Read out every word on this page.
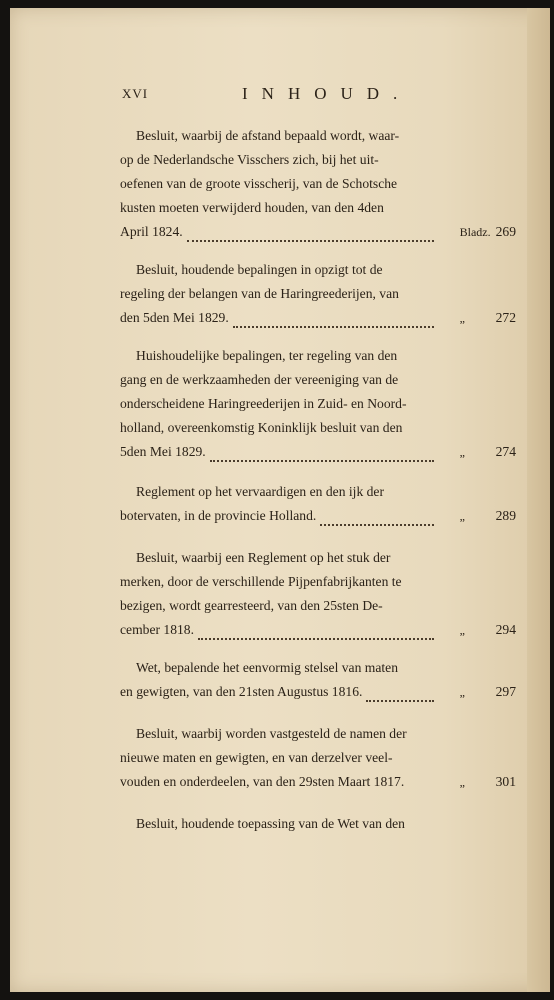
XVI	INHOUD.
Besluit, waarbij de afstand bepaald wordt, waar-
op de Nederlandsche Visschers zich, bij het uit-
oefenen van de groote visscherij, van de Schotsche
kusten moeten verwijderd houden, van den 4den
April 1824.	Bladz. 269
Besluit, houdende bepalingen in opzigt tot de
regeling der belangen van de Haringreederijen, van
den 5den Mei 1829.	„ 272
Huishoudelijke bepalingen, ter regeling van den
gang en de werkzaamheden der vereeniging van de
onderscheidene Haringreederijen in Zuid- en Noord-
holland, overeenkomstig Koninklijk besluit van den
5den Mei 1829.	„ 274
Reglement op het vervaardigen en den ijk der
botervaten, in de provincie Holland.	„ 289
Besluit, waarbij een Reglement op het stuk der
merken, door de verschillende Pijpenfabrijkanten te
bezigen, wordt gearresteerd, van den 25sten De-
cember 1818.	„ 294
Wet, bepalende het eenvormig stelsel van maten
en gewigten, van den 21sten Augustus 1816.	„ 297
Besluit, waarbij worden vastgesteld de namen der
nieuwe maten en gewigten, en van derzelver veel-
vouden en onderdeelen, van den 29sten Maart 1817.	„ 301
Besluit, houdende toepassing van de Wet van den
